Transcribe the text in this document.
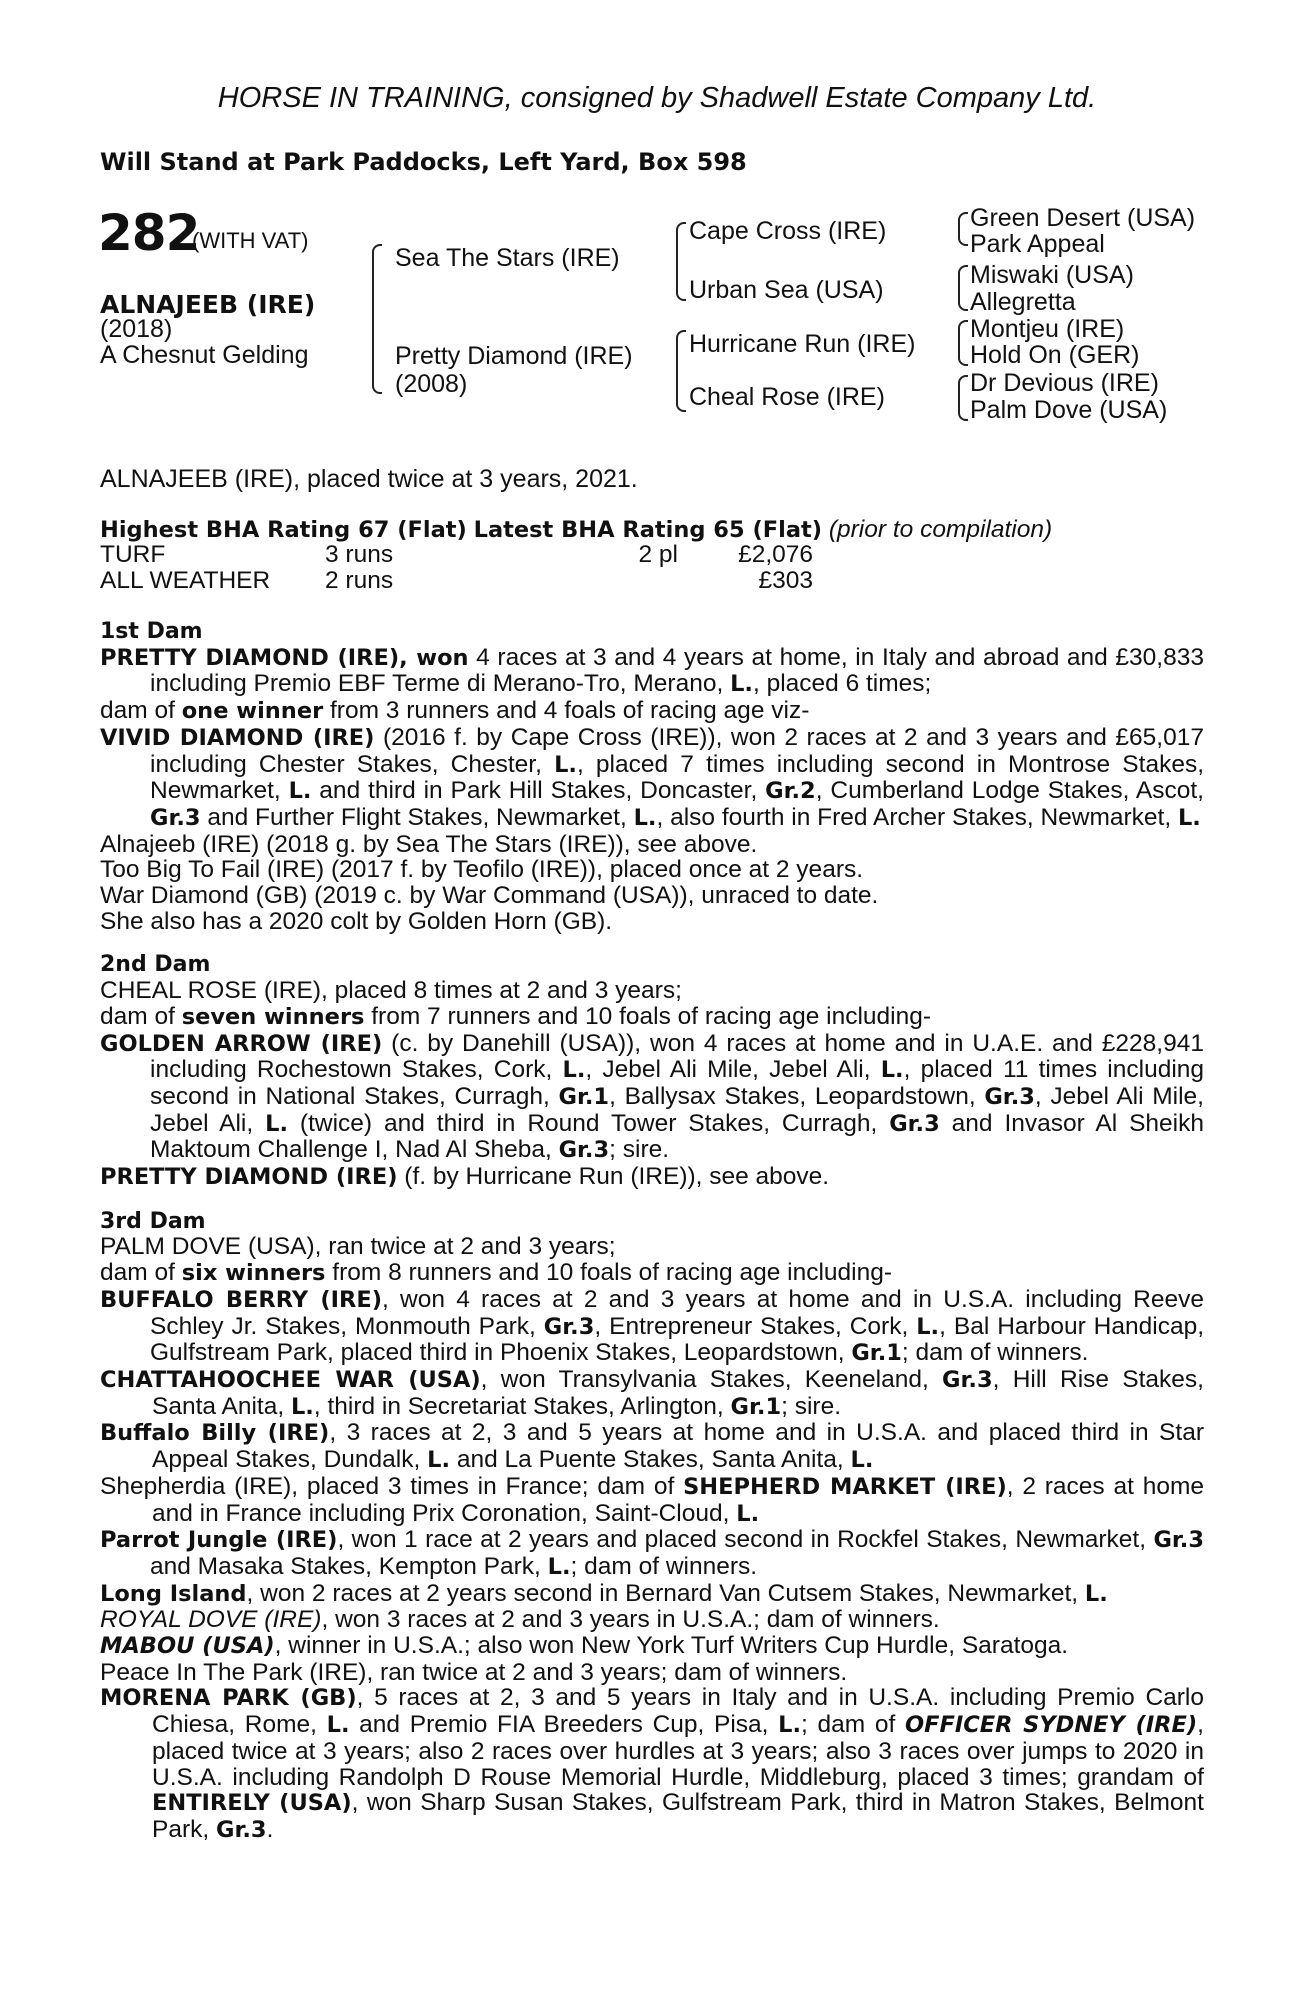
HORSE IN TRAINING, consigned by Shadwell Estate Company Ltd.
Will Stand at Park Paddocks, Left Yard, Box 598
282
(WITH VAT)
ALNAJEEB (IRE)
(2018)
A Chesnut Gelding
Sea The Stars (IRE)
Pretty Diamond (IRE)
(2008)
Cape Cross (IRE)
Urban Sea (USA)
Hurricane Run (IRE)
Cheal Rose (IRE)
Green Desert (USA)
Park Appeal
Miswaki (USA)
Allegretta
Montjeu (IRE)
Hold On (GER)
Dr Devious (IRE)
Palm Dove (USA)
ALNAJEEB (IRE), placed twice at 3 years, 2021.
Highest BHA Rating 67 (Flat) Latest BHA Rating 65 (Flat) (prior to compilation)
TURF	3 runs	2 pl	£2,076
ALL WEATHER	2 runs		£303

1st Dam

PRETTY DIAMOND (IRE), won 4 races at 3 and 4 years at home, in Italy and abroad and £30,833 including Premio EBF Terme di Merano-Tro, Merano, L., placed 6 times;

dam of one winner from 3 runners and 4 foals of racing age viz-

VIVID DIAMOND (IRE) (2016 f. by Cape Cross (IRE)), won 2 races at 2 and 3 years and £65,017 including Chester Stakes, Chester, L., placed 7 times including second in Montrose Stakes, Newmarket, L. and third in Park Hill Stakes, Doncaster, Gr.2, Cumberland Lodge Stakes, Ascot, Gr.3 and Further Flight Stakes, Newmarket, L., also fourth in Fred Archer Stakes, Newmarket, L.

Alnajeeb (IRE) (2018 g. by Sea The Stars (IRE)), see above.

Too Big To Fail (IRE) (2017 f. by Teofilo (IRE)), placed once at 2 years.

War Diamond (GB) (2019 c. by War Command (USA)), unraced to date.

She also has a 2020 colt by Golden Horn (GB).

2nd Dam

CHEAL ROSE (IRE), placed 8 times at 2 and 3 years;

dam of seven winners from 7 runners and 10 foals of racing age including-

GOLDEN ARROW (IRE) (c. by Danehill (USA)), won 4 races at home and in U.A.E. and £228,941 including Rochestown Stakes, Cork, L., Jebel Ali Mile, Jebel Ali, L., placed 11 times including second in National Stakes, Curragh, Gr.1, Ballysax Stakes, Leopardstown, Gr.3, Jebel Ali Mile, Jebel Ali, L. (twice) and third in Round Tower Stakes, Curragh, Gr.3 and Invasor Al Sheikh Maktoum Challenge I, Nad Al Sheba, Gr.3; sire.

PRETTY DIAMOND (IRE) (f. by Hurricane Run (IRE)), see above.

3rd Dam

PALM DOVE (USA), ran twice at 2 and 3 years;

dam of six winners from 8 runners and 10 foals of racing age including-

BUFFALO BERRY (IRE), won 4 races at 2 and 3 years at home and in U.S.A. including Reeve Schley Jr. Stakes, Monmouth Park, Gr.3, Entrepreneur Stakes, Cork, L., Bal Harbour Handicap, Gulfstream Park, placed third in Phoenix Stakes, Leopardstown, Gr.1; dam of winners.

CHATTAHOOCHEE WAR (USA), won Transylvania Stakes, Keeneland, Gr.3, Hill Rise Stakes, Santa Anita, L., third in Secretariat Stakes, Arlington, Gr.1; sire.

Buffalo Billy (IRE), 3 races at 2, 3 and 5 years at home and in U.S.A. and placed third in Star Appeal Stakes, Dundalk, L. and La Puente Stakes, Santa Anita, L.

Shepherdia (IRE), placed 3 times in France; dam of SHEPHERD MARKET (IRE), 2 races at home and in France including Prix Coronation, Saint-Cloud, L.

Parrot Jungle (IRE), won 1 race at 2 years and placed second in Rockfel Stakes, Newmarket, Gr.3 and Masaka Stakes, Kempton Park, L.; dam of winners.

Long Island, won 2 races at 2 years second in Bernard Van Cutsem Stakes, Newmarket, L.

ROYAL DOVE (IRE), won 3 races at 2 and 3 years in U.S.A.; dam of winners.

MABOU (USA), winner in U.S.A.; also won New York Turf Writers Cup Hurdle, Saratoga.

Peace In The Park (IRE), ran twice at 2 and 3 years; dam of winners.

MORENA PARK (GB), 5 races at 2, 3 and 5 years in Italy and in U.S.A. including Premio Carlo Chiesa, Rome, L. and Premio FIA Breeders Cup, Pisa, L.; dam of OFFICER SYDNEY (IRE), placed twice at 3 years; also 2 races over hurdles at 3 years; also 3 races over jumps to 2020 in U.S.A. including Randolph D Rouse Memorial Hurdle, Middleburg, placed 3 times; grandam of ENTIRELY (USA), won Sharp Susan Stakes, Gulfstream Park, third in Matron Stakes, Belmont Park, Gr.3.
